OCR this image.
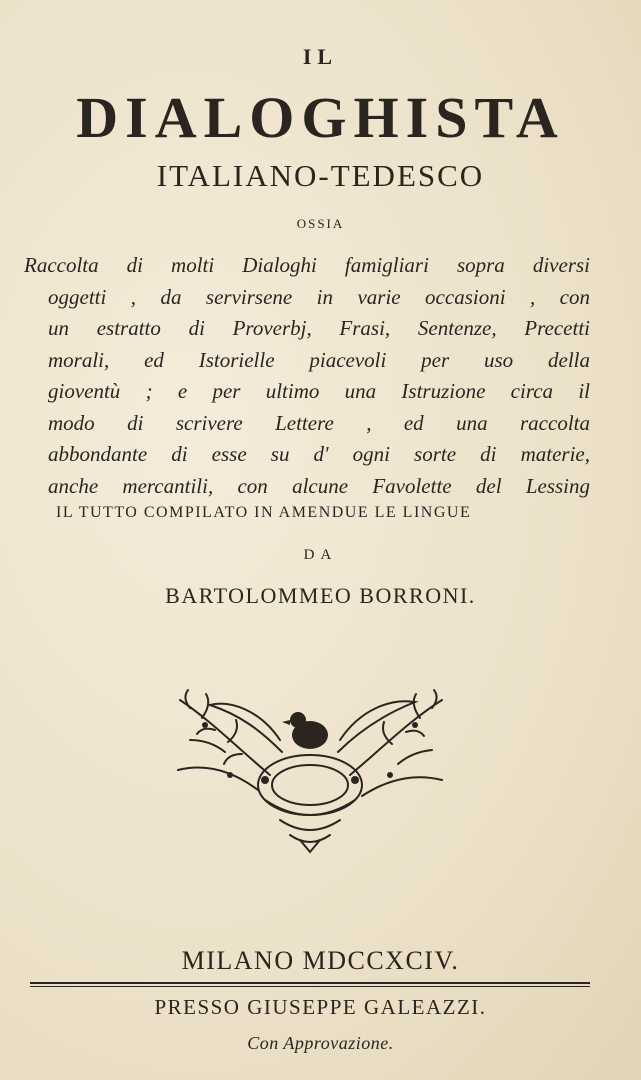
IL
DIALOGHISTA
ITALIANO-TEDESCO
OSSIA
Raccolta di molti Dialoghi famigliari sopra diversi
oggetti , da servirsene in varie occasioni , con
un estratto di Proverbj, Frasi, Sentenze, Precetti
morali, ed Istorielle piacevoli per uso della
gioventù ; e per ultimo una Istruzione circa il
modo di scrivere Lettere , ed una raccolta
abbondante di esse su d' ogni sorte di materie,
anche mercantili, con alcune Favolette del Lessing
IL TUTTO COMPILATO IN AMENDUE LE LINGUE
DA
BARTOLOMMEO BORRONI.
MILANO MDCCXCIV.
PRESSO GIUSEPPE GALEAZZI.
Con Approvazione.
